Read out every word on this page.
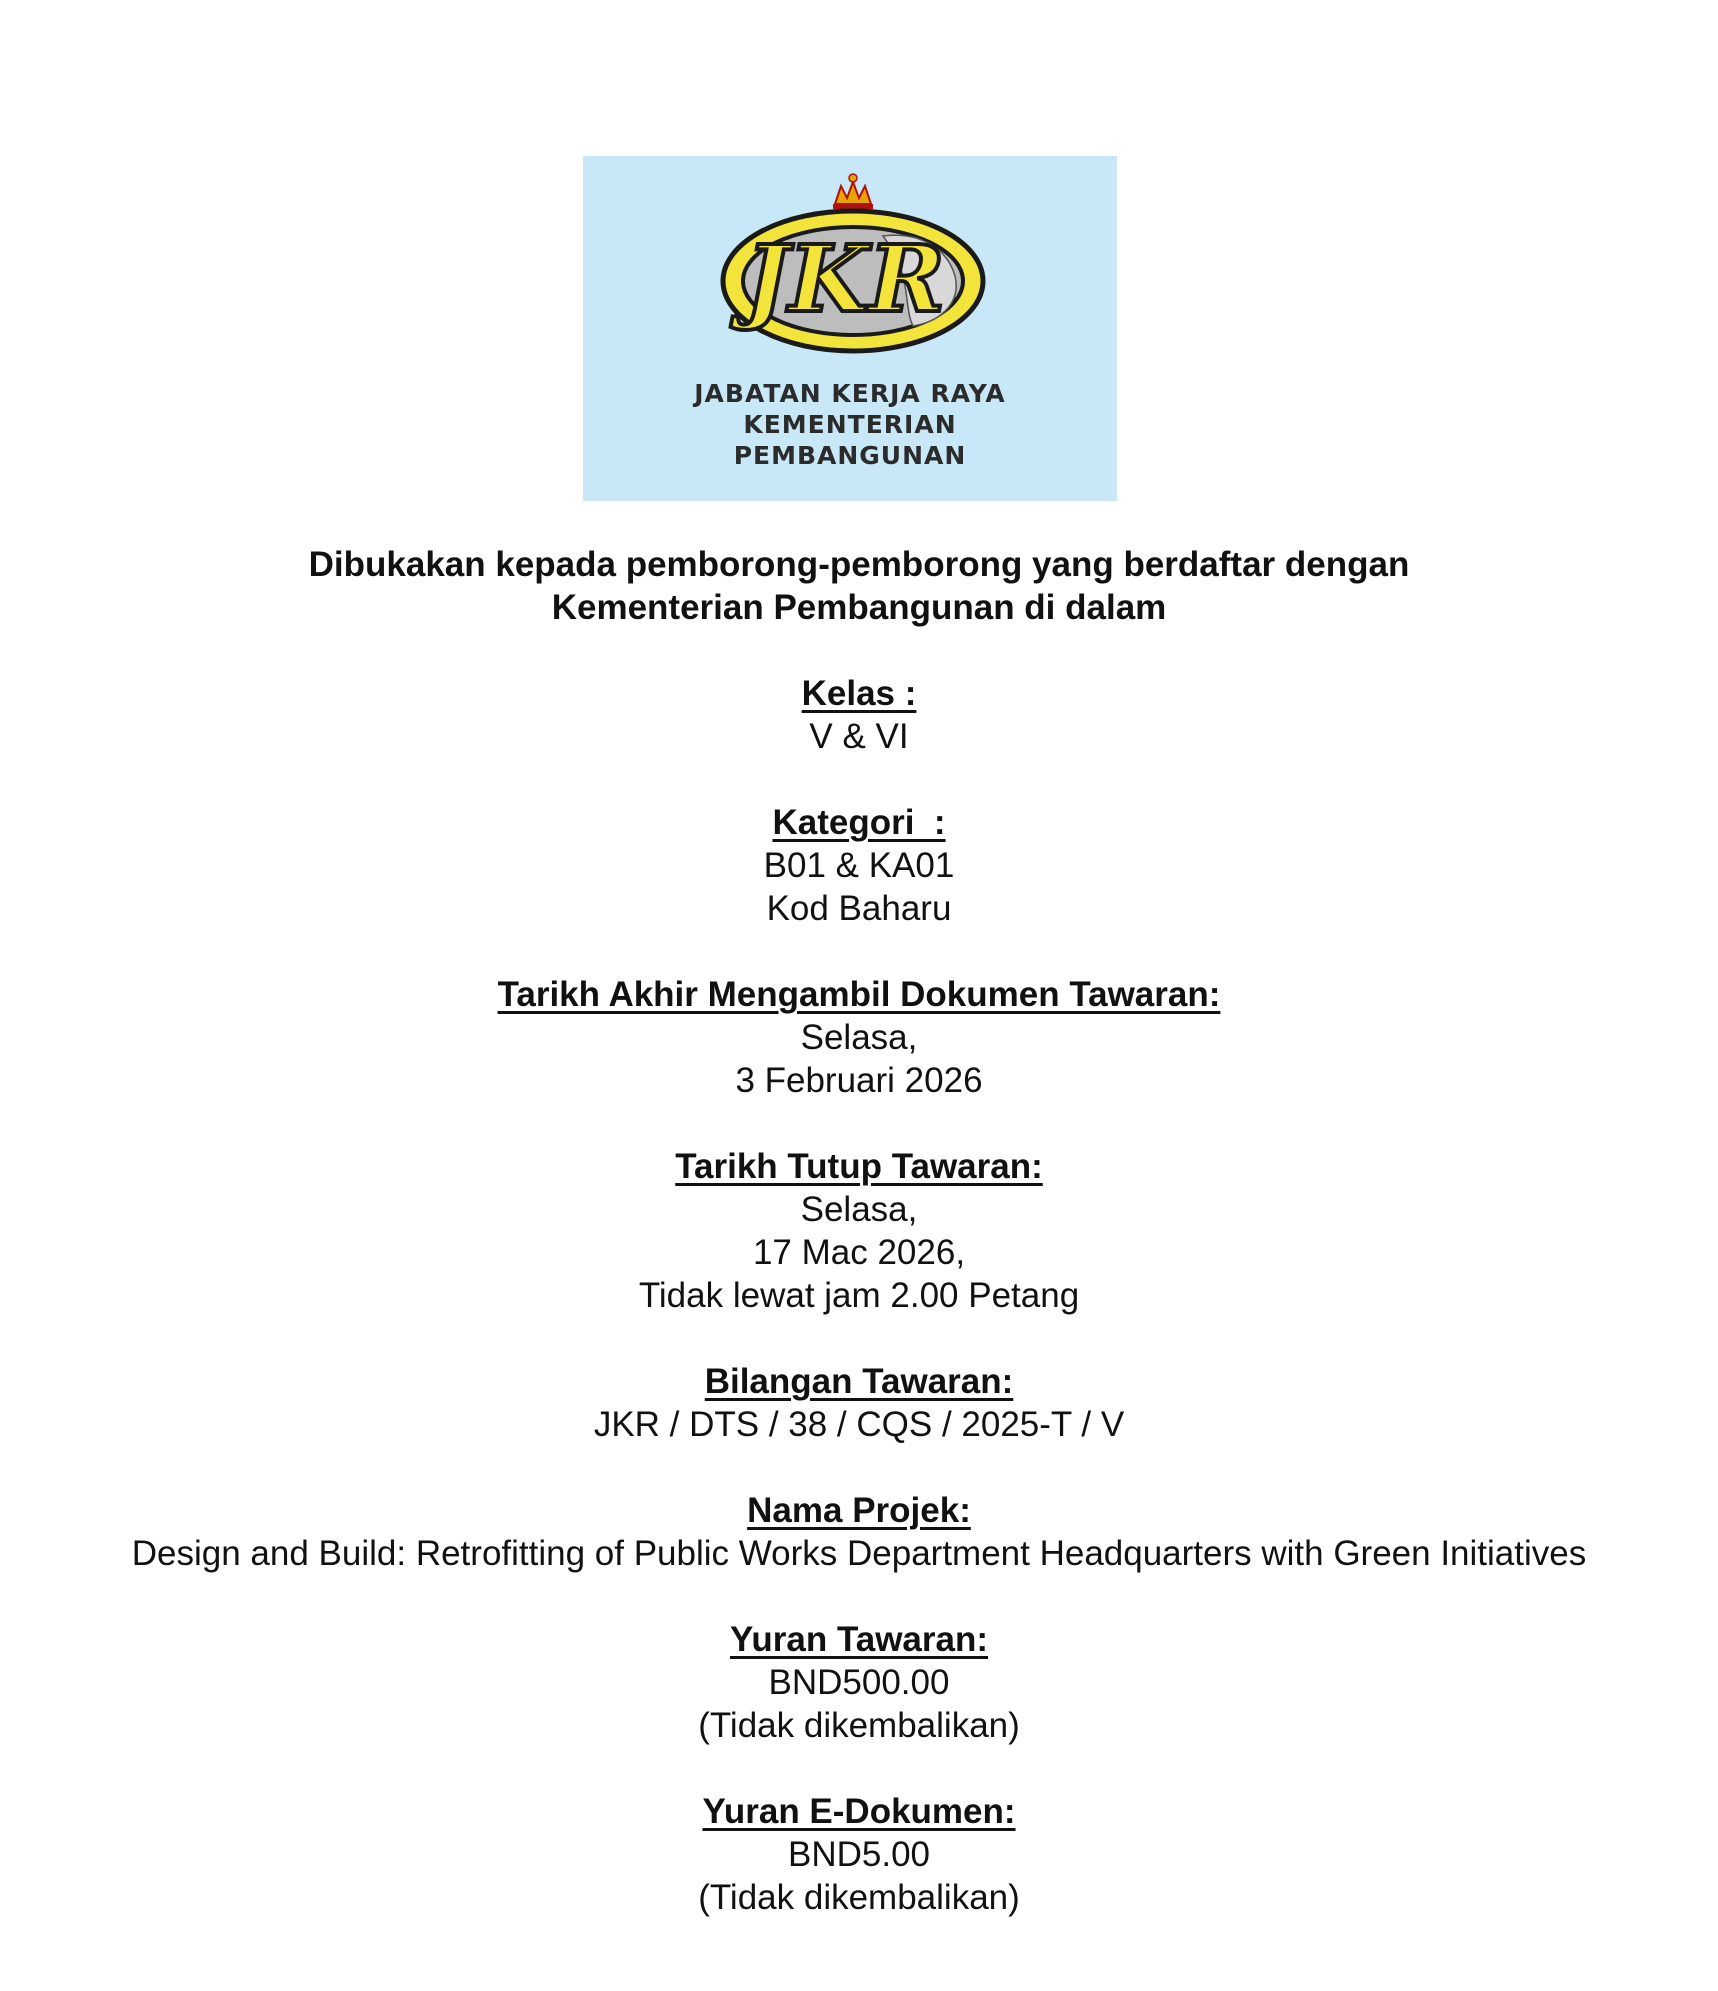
JKR
JABATAN KERJA RAYA
KEMENTERIAN
PEMBANGUNAN
Dibukakan kepada pemborong-pemborong yang berdaftar dengan
Kementerian Pembangunan di dalam
Kelas :
V & VI
Kategori  :
B01 & KA01
Kod Baharu
Tarikh Akhir Mengambil Dokumen Tawaran:
Selasa,
3 Februari 2026
Tarikh Tutup Tawaran:
Selasa,
17 Mac 2026,
Tidak lewat jam 2.00 Petang
Bilangan Tawaran:
JKR / DTS / 38 / CQS / 2025-T / V
Nama Projek:
Design and Build: Retrofitting of Public Works Department Headquarters with Green Initiatives
Yuran Tawaran:
BND500.00
(Tidak dikembalikan)
Yuran E-Dokumen:
BND5.00
(Tidak dikembalikan)
